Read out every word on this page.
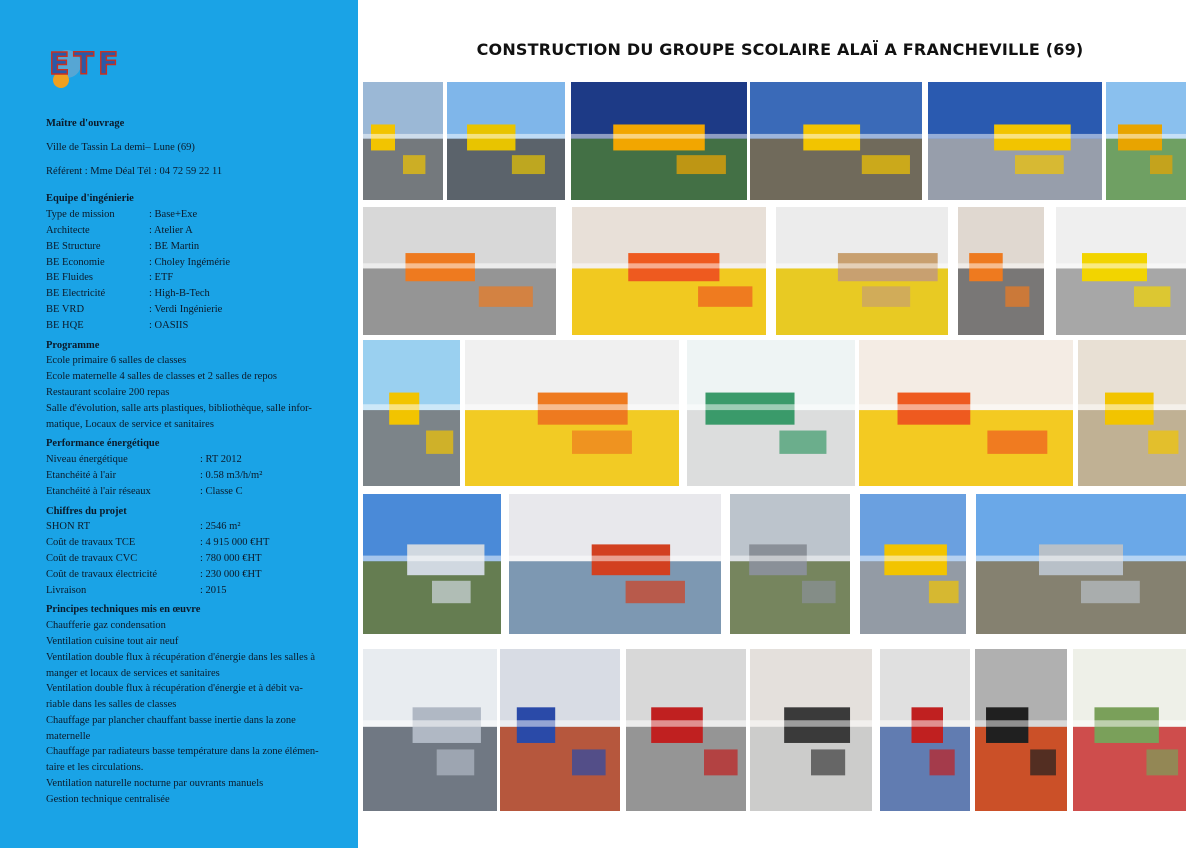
ETF
Maître d'ouvrage
Ville de Tassin La demi– Lune (69)
Référent : Mme Déal Tél : 04 72 59 22 11
Equipe d'ingénierie
Type de mission	: Base+Exe
Architecte	: Atelier A
BE Structure	: BE Martin
BE Economie	: Choley Ingémérie
BE Fluides	: ETF
BE Electricité	: High-B-Tech
BE VRD	: Verdi Ingénierie
BE HQE	: OASIIS
Programme
Ecole primaire 6 salles de classes
Ecole maternelle 4 salles de classes et 2 salles de repos
Restaurant scolaire 200 repas
Salle d'évolution, salle arts plastiques, bibliothèque, salle infor-
matique, Locaux de service et sanitaires
Performance énergétique
Niveau énergétique	: RT 2012
Etanchéité à l'air	: 0.58 m3/h/m²
Etanchéité à l'air réseaux	: Classe C
Chiffres du projet
SHON RT	: 2546 m²
Coût de travaux TCE	: 4 915 000 €HT
Coût de travaux CVC	: 780 000 €HT
Coût de travaux électricité	: 230 000 €HT
Livraison	: 2015
Principes techniques mis en œuvre
Chaufferie gaz condensation
Ventilation cuisine tout air neuf
Ventilation double flux à récupération d'énergie dans les salles à
manger et locaux de services et sanitaires
Ventilation double flux à récupération d'énergie et à débit va-
riable dans les salles de classes
Chauffage par plancher chauffant basse inertie dans la zone
maternelle
Chauffage par radiateurs basse température dans la zone élémen-
taire et les circulations.
Ventilation naturelle nocturne par ouvrants manuels
Gestion technique centralisée
CONSTRUCTION DU GROUPE SCOLAIRE ALAÏ A FRANCHEVILLE (69)
